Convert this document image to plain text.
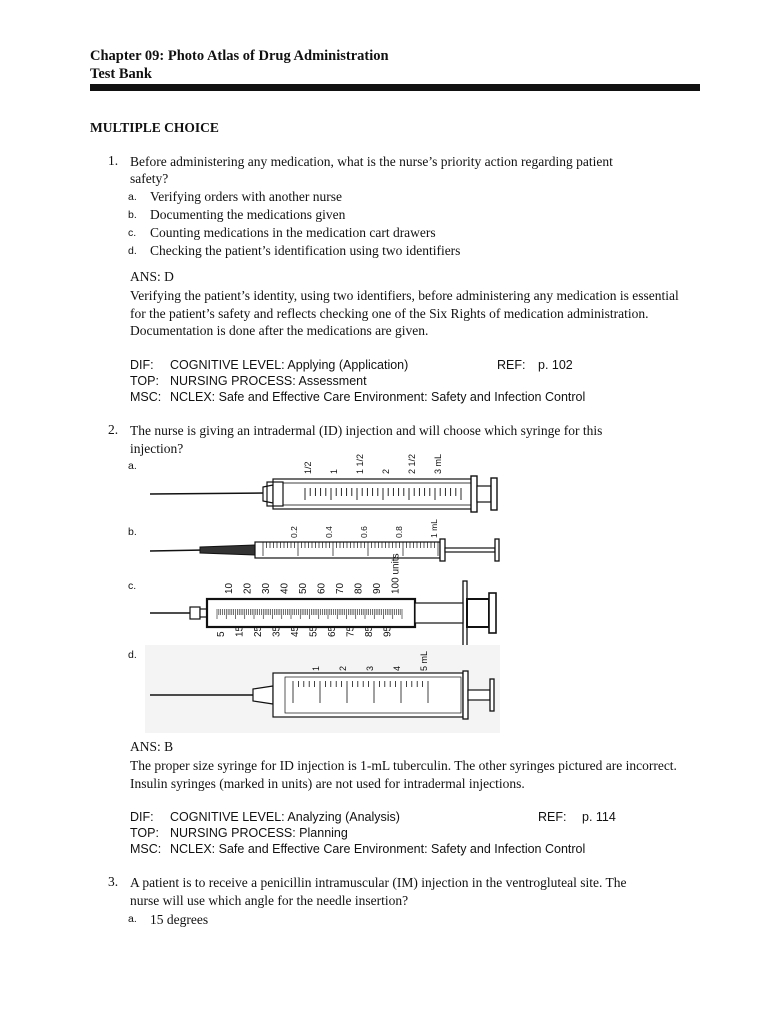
Chapter 09: Photo Atlas of Drug Administration
Test Bank
MULTIPLE CHOICE
1. Before administering any medication, what is the nurse’s priority action regarding patient
safety?
a. Verifying orders with another nurse
b. Documenting the medications given
c. Counting medications in the medication cart drawers
d. Checking the patient’s identification using two identifiers
ANS: D
Verifying the patient’s identity, using two identifiers, before administering any medication is essential for the patient’s safety and reflects checking one of the Six Rights of medication administration. Documentation is done after the medications are given.
DIF: COGNITIVE LEVEL: Applying (Application)	REF: p. 102
TOP: NURSING PROCESS: Assessment
MSC: NCLEX: Safe and Effective Care Environment: Safety and Infection Control
2. The nurse is giving an intradermal (ID) injection and will choose which syringe for this
injection?
a.
b.
c.
d.
1/2 1 1 1/2 2 2 1/2 3 mL
0.2	0.4	0.6	0.8	1 mL
10 20 30 40 50 60 70 80 90 100 units
5 15 25 35 45 55 65 75 85 95
1 2 3 4 5 mL
ANS: B
The proper size syringe for ID injection is 1-mL tuberculin. The other syringes pictured are incorrect. Insulin syringes (marked in units) are not used for intradermal injections.
DIF: COGNITIVE LEVEL: Analyzing (Analysis)	REF: p. 114
TOP: NURSING PROCESS: Planning
MSC: NCLEX: Safe and Effective Care Environment: Safety and Infection Control
3. A patient is to receive a penicillin intramuscular (IM) injection in the ventrogluteal site. The
nurse will use which angle for the needle insertion?
a. 15 degrees
